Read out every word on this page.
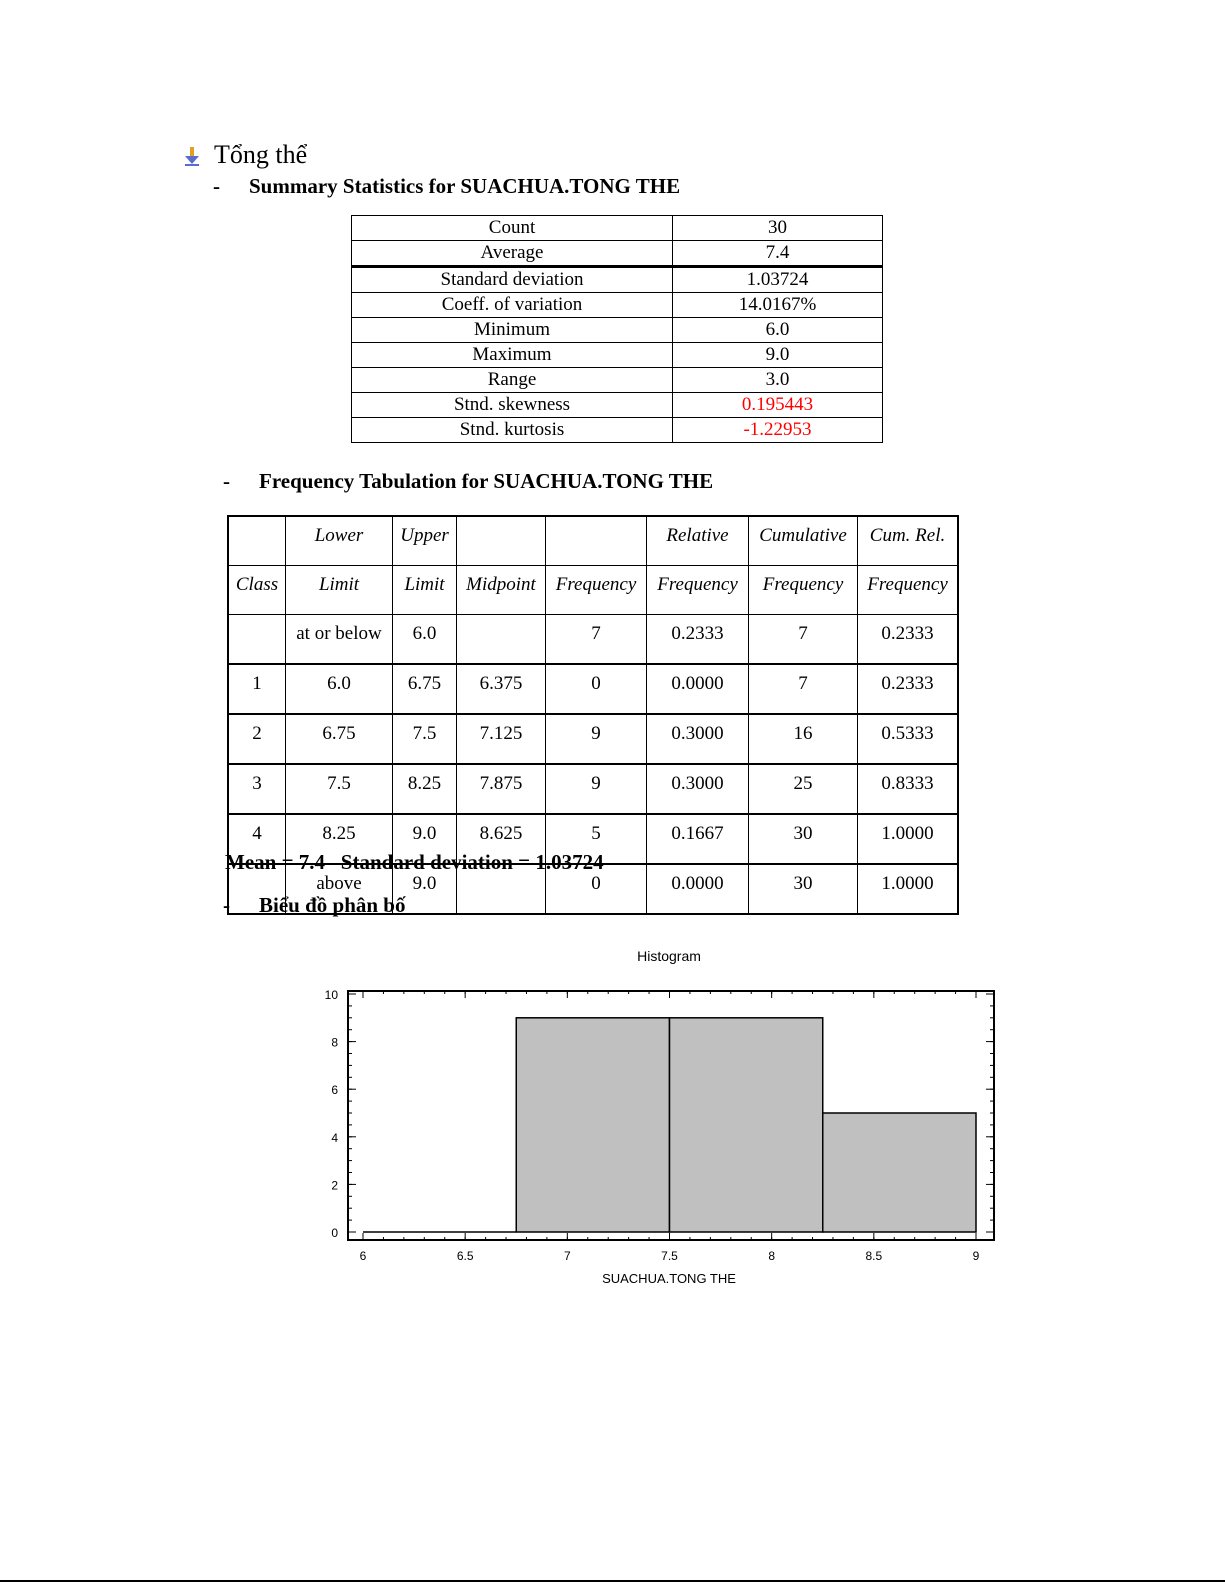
Tổng thể
-	Summary Statistics for SUACHUA.TONG THE
Count	30
Average	7.4
Standard deviation	1.03724
Coeff. of variation	14.0167%
Minimum	6.0
Maximum	9.0
Range	3.0
Stnd. skewness	0.195443
Stnd. kurtosis	-1.22953
-	Frequency Tabulation for SUACHUA.TONG THE
	Lower	Upper			Relative	Cumulative	Cum. Rel.
Class	Limit	Limit	Midpoint	Frequency	Frequency	Frequency	Frequency
	at or below	6.0		7	0.2333	7	0.2333
1	6.0	6.75	6.375	0	0.0000	7	0.2333
2	6.75	7.5	7.125	9	0.3000	16	0.5333
3	7.5	8.25	7.875	9	0.3000	25	0.8333
4	8.25	9.0	8.625	5	0.1667	30	1.0000
	above	9.0		0	0.0000	30	1.0000
Mean = 7.4 Standard deviation = 1.03724
-	Biểu đồ phân bố
Histogram
6	6.5	7	7.5	8	8.5	9
0
2
4
6
8
10
SUACHUA.TONG THE
